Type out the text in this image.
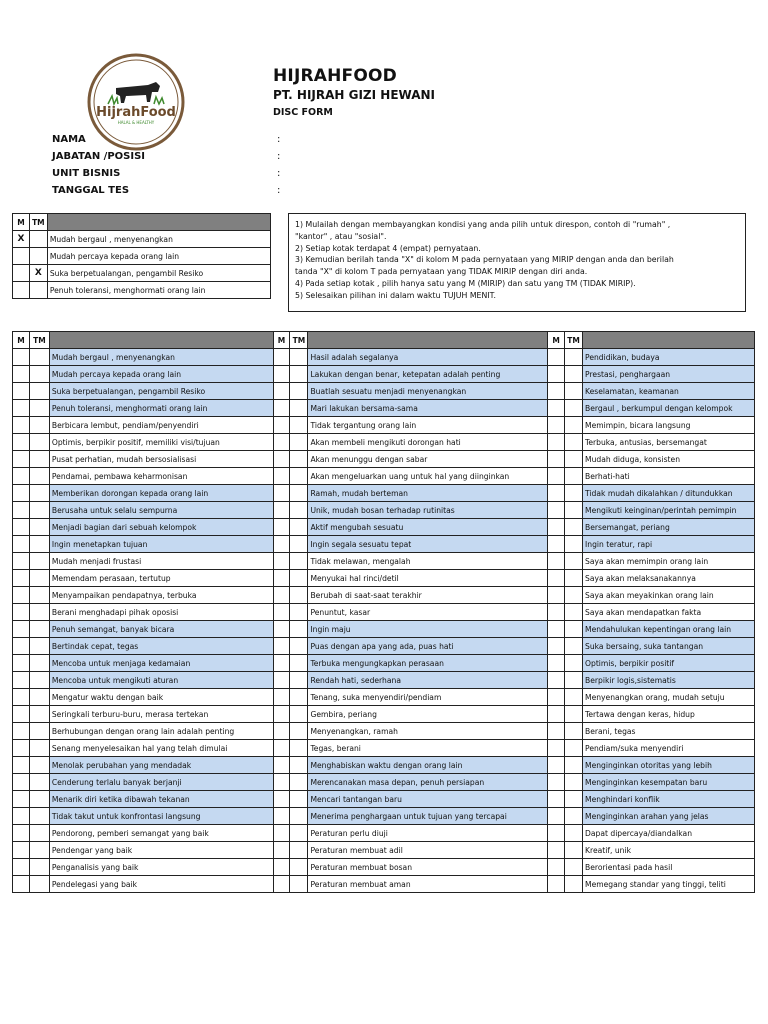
HijrahFood
HALAL & HEALTHY
HIJRAHFOOD
PT. HIJRAH GIZI HEWANI
DISC FORM
NAMA	:
JABATAN /POSISI	:
UNIT BISNIS	:
TANGGAL TES	:
M	TM	
X		Mudah bergaul , menyenangkan
		Mudah percaya kepada orang lain
	X	Suka berpetualangan, pengambil Resiko
		Penuh toleransi, menghormati orang lain
1) Mulailah dengan membayangkan kondisi yang anda pilih untuk direspon, contoh di "rumah" ,
"kantor" , atau "sosial".
2) Setiap kotak terdapat 4 (empat) pernyataan.
3) Kemudian berilah tanda "X" di kolom M pada pernyataan yang MIRIP dengan anda dan berilah
tanda "X" di kolom T pada pernyataan yang TIDAK MIRIP dengan diri anda.
4) Pada setiap kotak , pilih hanya satu yang M (MIRIP) dan satu yang TM (TIDAK MIRIP).
5) Selesaikan pilihan ini dalam waktu TUJUH MENIT.
M	TM		M	TM		M	TM	
		Mudah bergaul , menyenangkan			Hasil adalah segalanya			Pendidikan, budaya
		Mudah percaya kepada orang lain			Lakukan dengan benar, ketepatan adalah penting			Prestasi, penghargaan
		Suka berpetualangan, pengambil Resiko			Buatlah sesuatu menjadi menyenangkan			Keselamatan, keamanan
		Penuh toleransi, menghormati orang lain			Mari lakukan bersama-sama			Bergaul , berkumpul dengan kelompok
		Berbicara lembut, pendiam/penyendiri			Tidak tergantung orang lain			Memimpin, bicara langsung
		Optimis, berpikir positif, memiliki visi/tujuan			Akan membeli mengikuti dorongan hati			Terbuka, antusias, bersemangat
		Pusat perhatian, mudah bersosialisasi			Akan menunggu dengan sabar			Mudah diduga, konsisten
		Pendamai, pembawa keharmonisan			Akan mengeluarkan uang untuk hal yang diinginkan			Berhati-hati
		Memberikan dorongan kepada orang lain			Ramah, mudah berteman			Tidak mudah dikalahkan / ditundukkan
		Berusaha untuk selalu sempurna			Unik, mudah bosan terhadap rutinitas			Mengikuti keinginan/perintah pemimpin
		Menjadi bagian dari sebuah kelompok			Aktif mengubah sesuatu			Bersemangat, periang
		Ingin menetapkan tujuan			Ingin segala sesuatu tepat			Ingin teratur, rapi
		Mudah menjadi frustasi			Tidak melawan, mengalah			Saya akan memimpin orang lain
		Memendam perasaan, tertutup			Menyukai hal rinci/detil			Saya akan melaksanakannya
		Menyampaikan pendapatnya, terbuka			Berubah di saat-saat terakhir			Saya akan meyakinkan orang lain
		Berani menghadapi pihak oposisi			Penuntut, kasar			Saya akan mendapatkan fakta
		Penuh semangat, banyak bicara			Ingin maju			Mendahulukan kepentingan orang lain
		Bertindak cepat, tegas			Puas dengan apa yang ada, puas hati			Suka bersaing, suka tantangan
		Mencoba untuk menjaga kedamaian			Terbuka mengungkapkan perasaan			Optimis, berpikir positif
		Mencoba untuk mengikuti aturan			Rendah hati, sederhana			Berpikir logis,sistematis
		Mengatur waktu dengan baik			Tenang, suka menyendiri/pendiam			Menyenangkan orang, mudah setuju
		Seringkali terburu-buru, merasa tertekan			Gembira, periang			Tertawa dengan keras, hidup
		Berhubungan dengan orang lain adalah penting			Menyenangkan, ramah			Berani, tegas
		Senang menyelesaikan hal yang telah dimulai			Tegas, berani			Pendiam/suka menyendiri
		Menolak perubahan yang mendadak			Menghabiskan waktu dengan orang lain			Menginginkan otoritas yang lebih
		Cenderung terlalu banyak berjanji			Merencanakan masa depan, penuh persiapan			Menginginkan kesempatan baru
		Menarik diri ketika dibawah tekanan			Mencari tantangan baru			Menghindari konflik
		Tidak takut untuk konfrontasi langsung			Menerima penghargaan untuk tujuan yang tercapai			Menginginkan arahan yang jelas
		Pendorong, pemberi semangat yang baik			Peraturan perlu diuji			Dapat dipercaya/diandalkan
		Pendengar yang baik			Peraturan membuat adil			Kreatif, unik
		Penganalisis yang baik			Peraturan membuat bosan			Berorientasi pada hasil
		Pendelegasi yang baik			Peraturan membuat aman			Memegang standar yang tinggi, teliti
